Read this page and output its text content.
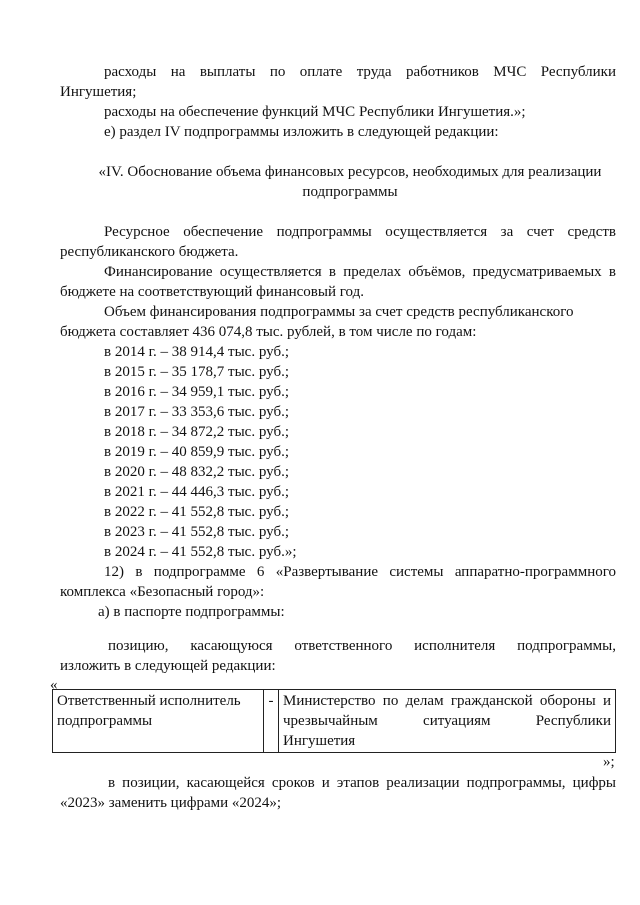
расходы на выплаты по оплате труда работников МЧС Республики
Ингушетия;
расходы на обеспечение функций МЧС Республики Ингушетия.»;
е) раздел IV подпрограммы изложить в следующей редакции:
«IV. Обоснование объема финансовых ресурсов, необходимых для реализации
подпрограммы
Ресурсное обеспечение подпрограммы осуществляется за счет средств
республиканского бюджета.
Финансирование осуществляется в пределах объёмов, предусматриваемых в
бюджете на соответствующий финансовый год.
Объем финансирования подпрограммы за счет средств республиканского
бюджета составляет 436 074,8 тыс. рублей, в том числе по годам:
в 2014 г. – 38 914,4 тыс. руб.;
в 2015 г. – 35 178,7 тыс. руб.;
в 2016 г. – 34 959,1 тыс. руб.;
в 2017 г. – 33 353,6 тыс. руб.;
в 2018 г. – 34 872,2 тыс. руб.;
в 2019 г. – 40 859,9 тыс. руб.;
в 2020 г. – 48 832,2 тыс. руб.;
в 2021 г. – 44 446,3 тыс. руб.;
в 2022 г. – 41 552,8 тыс. руб.;
в 2023 г. – 41 552,8 тыс. руб.;
в 2024 г. – 41 552,8 тыс. руб.»;
12) в подпрограмме 6 «Развертывание системы аппаратно-программного
комплекса «Безопасный город»:
а) в паспорте подпрограммы:
позицию, касающуюся ответственного исполнителя подпрограммы,
изложить в следующей редакции:
«
Ответственный исполнитель подпрограммы	-	Министерство по делам гражданской обороны и
чрезвычайным ситуациям Республики
Ингушетия
»;
в позиции, касающейся сроков и этапов реализации подпрограммы, цифры
«2023» заменить цифрами «2024»;
